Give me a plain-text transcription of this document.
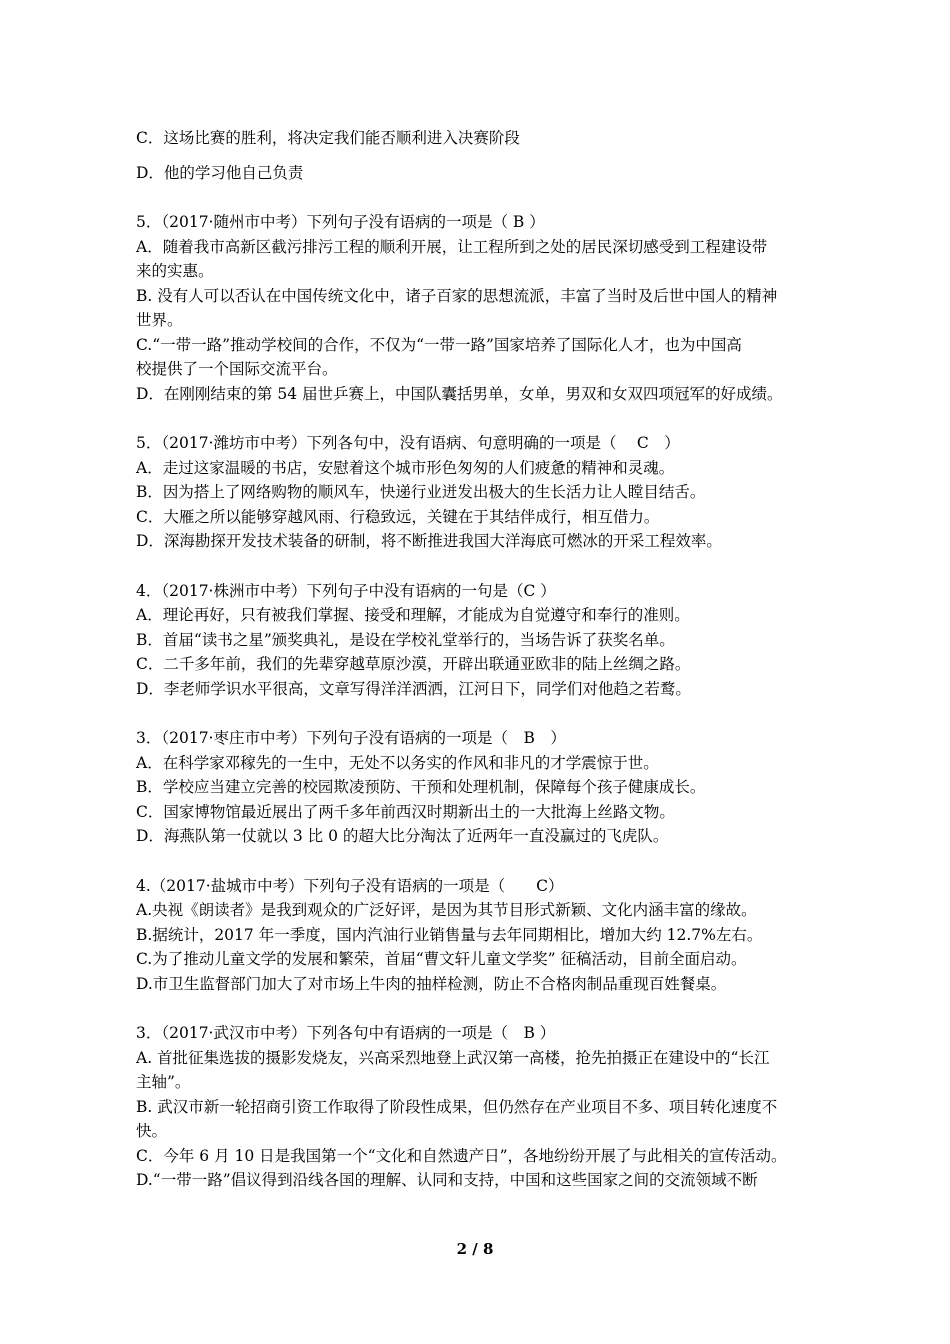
C．这场比赛的胜利，将决定我们能否顺利进入决赛阶段
D．他的学习他自己负责
5．（2017·随州市中考）下列句子没有语病的一项是（ B ）
A．随着我市高新区截污排污工程的顺利开展，让工程所到之处的居民深切感受到工程建设带
来的实惠。
B. 没有人可以否认在中国传统文化中，诸子百家的思想流派，丰富了当时及后世中国人的精神
世界。
C.“一带一路”推动学校间的合作，不仅为“一带一路”国家培养了国际化人才，也为中国高
校提供了一个国际交流平台。
D．在刚刚结束的第 54 届世乒赛上，中国队囊括男单，女单，男双和女双四项冠军的好成绩。
5．（2017·潍坊市中考）下列各句中，没有语病、句意明确的一项是（　 C　）
A．走过这家温暖的书店，安慰着这个城市形色匆匆的人们疲惫的精神和灵魂。
B．因为搭上了网络购物的顺风车，快递行业迸发出极大的生长活力让人瞠目结舌。
C．大雁之所以能够穿越风雨、行稳致远，关键在于其结伴成行，相互借力。
D．深海勘探开发技术装备的研制，将不断推进我国大洋海底可燃冰的开采工程效率。
4．（2017·株洲市中考）下列句子中没有语病的一句是（C ）
A．理论再好，只有被我们掌握、接受和理解，才能成为自觉遵守和奉行的准则。
B．首届“读书之星”颁奖典礼，是设在学校礼堂举行的，当场告诉了获奖名单。
C．二千多年前，我们的先辈穿越草原沙漠，开辟出联通亚欧非的陆上丝绸之路。
D．李老师学识水平很高，文章写得洋洋洒洒，江河日下，同学们对他趋之若鹜。
3．（2017·枣庄市中考）下列句子没有语病的一项是（　B　）
A．在科学家邓稼先的一生中，无处不以务实的作风和非凡的才学震惊于世。
B．学校应当建立完善的校园欺凌预防、干预和处理机制，保障每个孩子健康成长。
C．国家博物馆最近展出了两千多年前西汉时期新出土的一大批海上丝路文物。
D．海燕队第一仗就以 3 比 0 的超大比分淘汰了近两年一直没赢过的飞虎队。
4.（2017·盐城市中考）下列句子没有语病的一项是（　　C）
A.央视《朗读者》是我到观众的广泛好评，是因为其节目形式新颖、文化内涵丰富的缘故。
B.据统计，2017 年一季度，国内汽油行业销售量与去年同期相比，增加大约 12.7%左右。
C.为了推动儿童文学的发展和繁荣，首届“曹文轩儿童文学奖” 征稿活动，目前全面启动。
D.市卫生监督部门加大了对市场上牛肉的抽样检测，防止不合格肉制品重现百姓餐桌。
3．（2017·武汉市中考）下列各句中有语病的一项是（　B ）
A. 首批征集选拔的摄影发烧友，兴高采烈地登上武汉第一高楼，抢先拍摄正在建设中的“长江
主轴”。
B. 武汉市新一轮招商引资工作取得了阶段性成果，但仍然存在产业项目不多、项目转化速度不
快。
C．今年 6 月 10 日是我国第一个“文化和自然遗产日”，各地纷纷开展了与此相关的宣传活动。
D.“一带一路”倡议得到沿线各国的理解、认同和支持，中国和这些国家之间的交流领域不断
2 / 8
